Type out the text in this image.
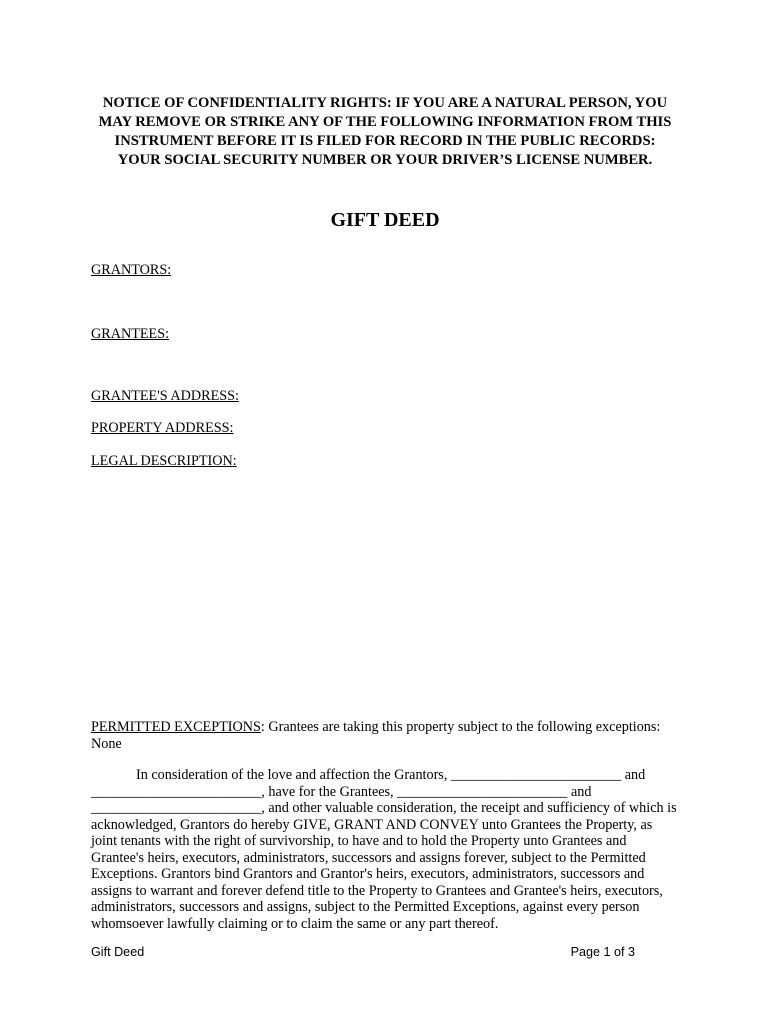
NOTICE OF CONFIDENTIALITY RIGHTS: IF YOU ARE A NATURAL PERSON, YOU MAY REMOVE OR STRIKE ANY OF THE FOLLOWING INFORMATION FROM THIS INSTRUMENT BEFORE IT IS FILED FOR RECORD IN THE PUBLIC RECORDS: YOUR SOCIAL SECURITY NUMBER OR YOUR DRIVER’S LICENSE NUMBER.
GIFT DEED
GRANTORS:
GRANTEES:
GRANTEE'S ADDRESS:
PROPERTY ADDRESS:
LEGAL DESCRIPTION:
PERMITTED EXCEPTIONS: Grantees are taking this property subject to the following exceptions: None
In consideration of the love and affection the Grantors, ________________________ and ________________________, have for the Grantees, ________________________ and ________________________, and other valuable consideration, the receipt and sufficiency of which is acknowledged, Grantors do hereby GIVE, GRANT AND CONVEY unto Grantees the Property, as joint tenants with the right of survivorship, to have and to hold the Property unto Grantees and Grantee's heirs, executors, administrators, successors and assigns forever, subject to the Permitted Exceptions. Grantors bind Grantors and Grantor's heirs, executors, administrators, successors and assigns to warrant and forever defend title to the Property to Grantees and Grantee's heirs, executors, administrators, successors and assigns, subject to the Permitted Exceptions, against every person whomsoever lawfully claiming or to claim the same or any part thereof.
Gift Deed	Page 1 of 3
